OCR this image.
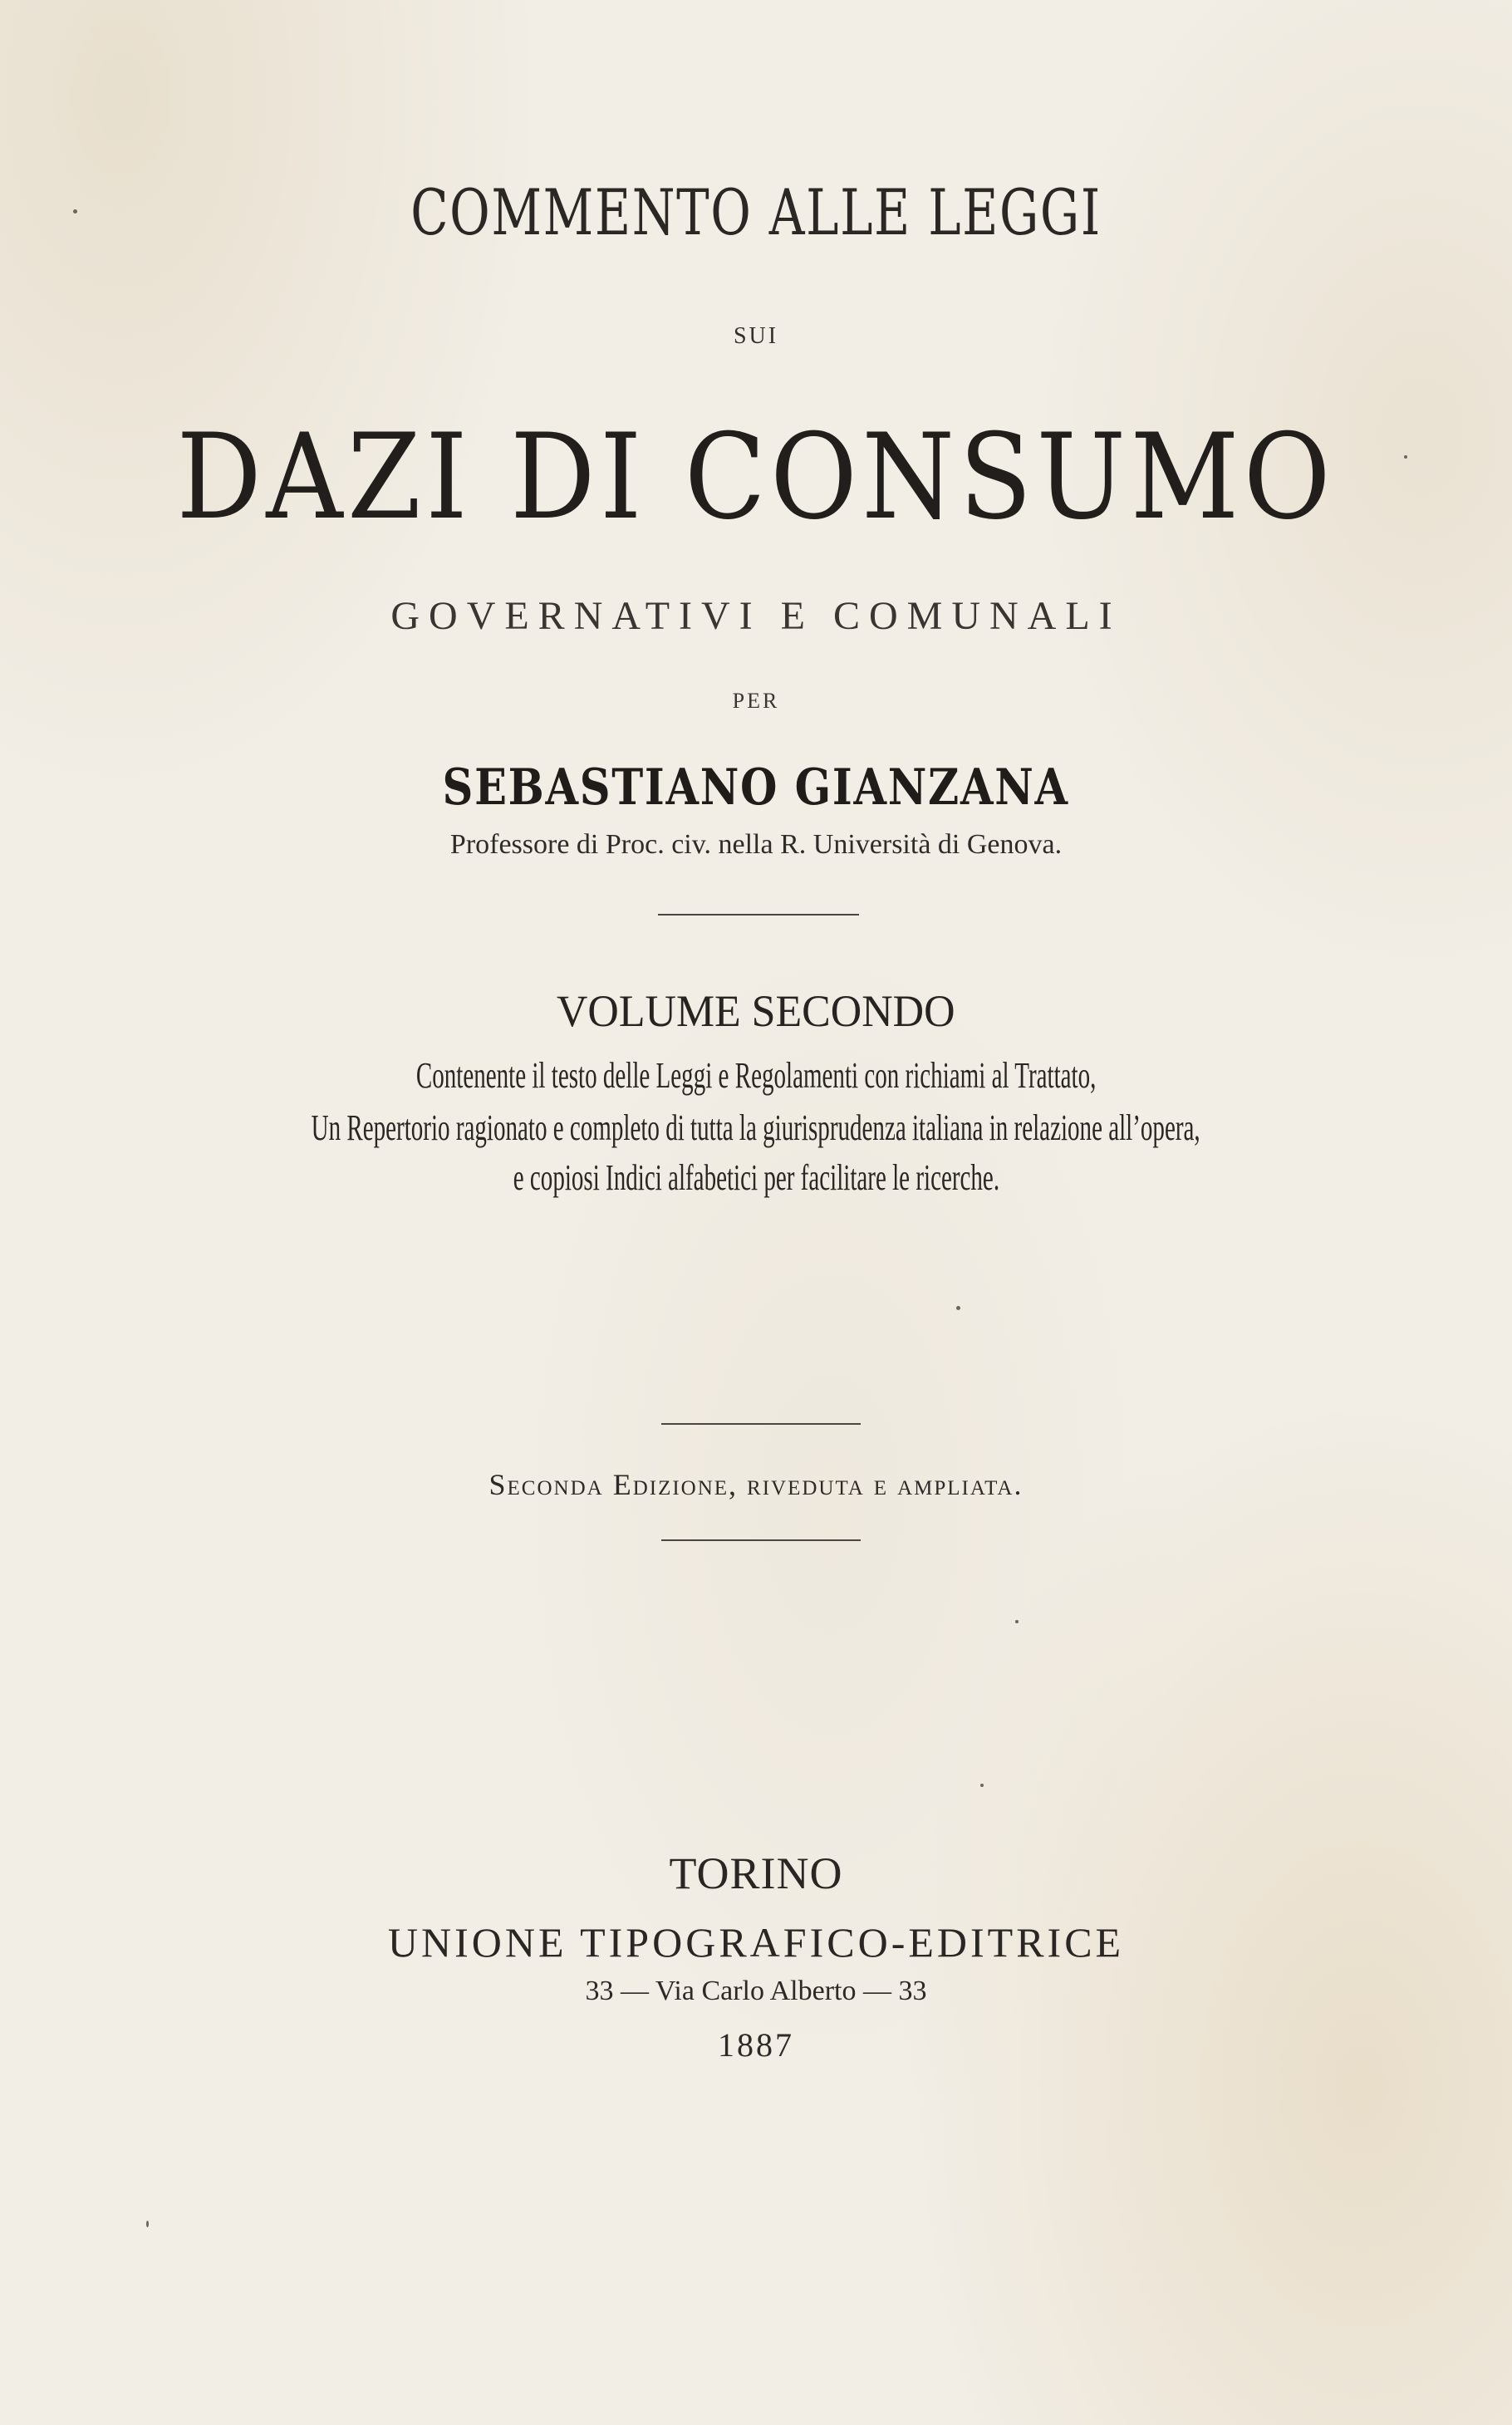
COMMENTO ALLE LEGGI
SUI
DAZI DI CONSUMO
GOVERNATIVI E COMUNALI
PER
SEBASTIANO GIANZANA
Professore di Proc. civ. nella R. Università di Genova.
VOLUME SECONDO
Contenente il testo delle Leggi e Regolamenti con richiami al Trattato,
Un Repertorio ragionato e completo di tutta la giurisprudenza italiana in relazione all’opera,
e copiosi Indici alfabetici per facilitare le ricerche.
Seconda Edizione, riveduta e ampliata.
TORINO
UNIONE TIPOGRAFICO-EDITRICE
33 — Via Carlo Alberto — 33
1887
